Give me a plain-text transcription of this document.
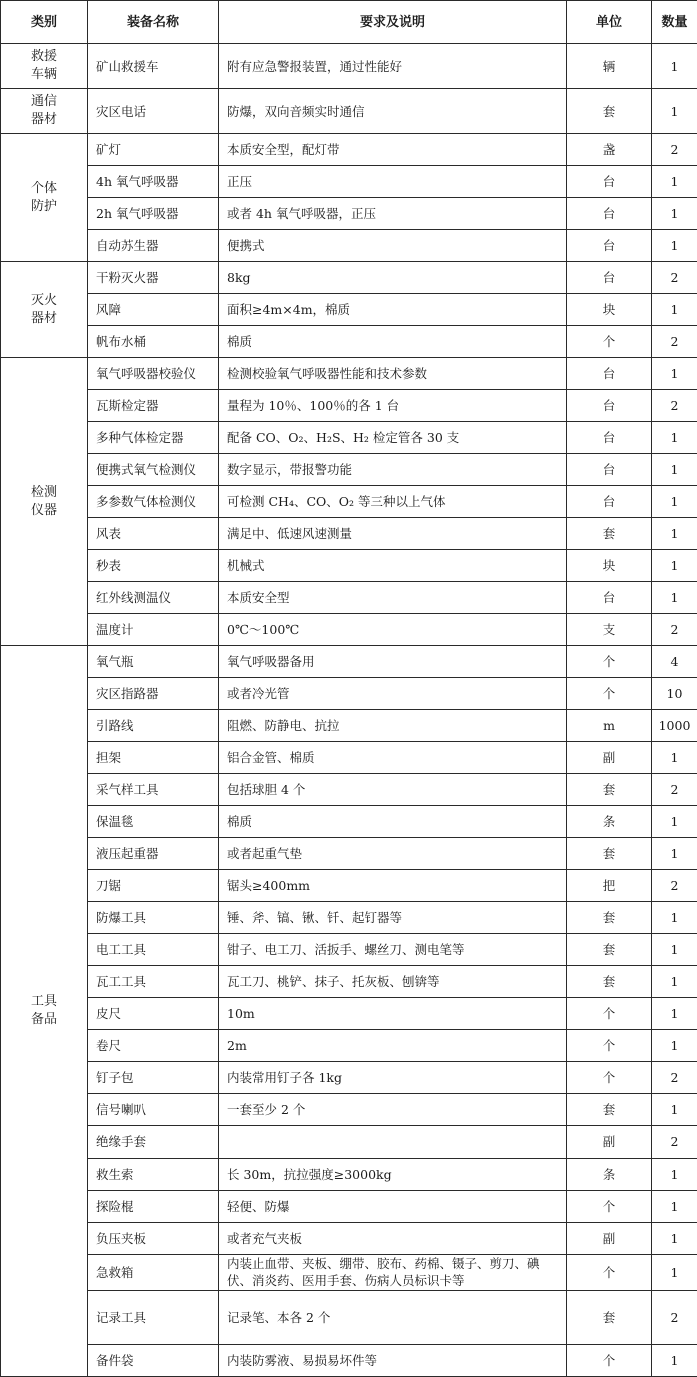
类别	装备名称	要求及说明	单位	数量
救援车辆	矿山救援车	附有应急警报装置，通过性能好	辆	1
通信器材	灾区电话	防爆，双向音频实时通信	套	1
个体防护	矿灯	本质安全型，配灯带	盏	2
	4h 氧气呼吸器	正压	台	1
	2h 氧气呼吸器	或者 4h 氧气呼吸器，正压	台	1
	自动苏生器	便携式	台	1
灭火器材	干粉灭火器	8kg	台	2
	风障	面积≥4m×4m，棉质	块	1
	帆布水桶	棉质	个	2
检测仪器	氧气呼吸器校验仪	检测校验氧气呼吸器性能和技术参数	台	1
	瓦斯检定器	量程为 10％、100％的各 1 台	台	2
	多种气体检定器	配备 CO、O₂、H₂S、H₂ 检定管各 30 支	台	1
	便携式氧气检测仪	数字显示，带报警功能	台	1
	多参数气体检测仪	可检测 CH₄、CO、O₂ 等三种以上气体	台	1
	风表	满足中、低速风速测量	套	1
	秒表	机械式	块	1
	红外线测温仪	本质安全型	台	1
	温度计	0℃～100℃	支	2
工具备品	氧气瓶	氧气呼吸器备用	个	4
	灾区指路器	或者冷光管	个	10
	引路线	阻燃、防静电、抗拉	m	1000
	担架	铝合金管、棉质	副	1
	采气样工具	包括球胆 4 个	套	2
	保温毯	棉质	条	1
	液压起重器	或者起重气垫	套	1
	刀锯	锯头≥400mm	把	2
	防爆工具	锤、斧、镐、锹、钎、起钉器等	套	1
	电工工具	钳子、电工刀、活扳手、螺丝刀、测电笔等	套	1
	瓦工工具	瓦工刀、桃铲、抹子、托灰板、刨锛等	套	1
	皮尺	10m	个	1
	卷尺	2m	个	1
	钉子包	内装常用钉子各 1kg	个	2
	信号喇叭	一套至少 2 个	套	1
	绝缘手套		副	2
	救生索	长 30m，抗拉强度≥3000kg	条	1
	探险棍	轻便、防爆	个	1
	负压夹板	或者充气夹板	副	1
	急救箱	内装止血带、夹板、绷带、胶布、药棉、镊子、剪刀、碘伏、消炎药、医用手套、伤病人员标识卡等	个	1
	记录工具	记录笔、本各 2 个	套	2
	备件袋	内装防雾液、易损易坏件等	个	1
